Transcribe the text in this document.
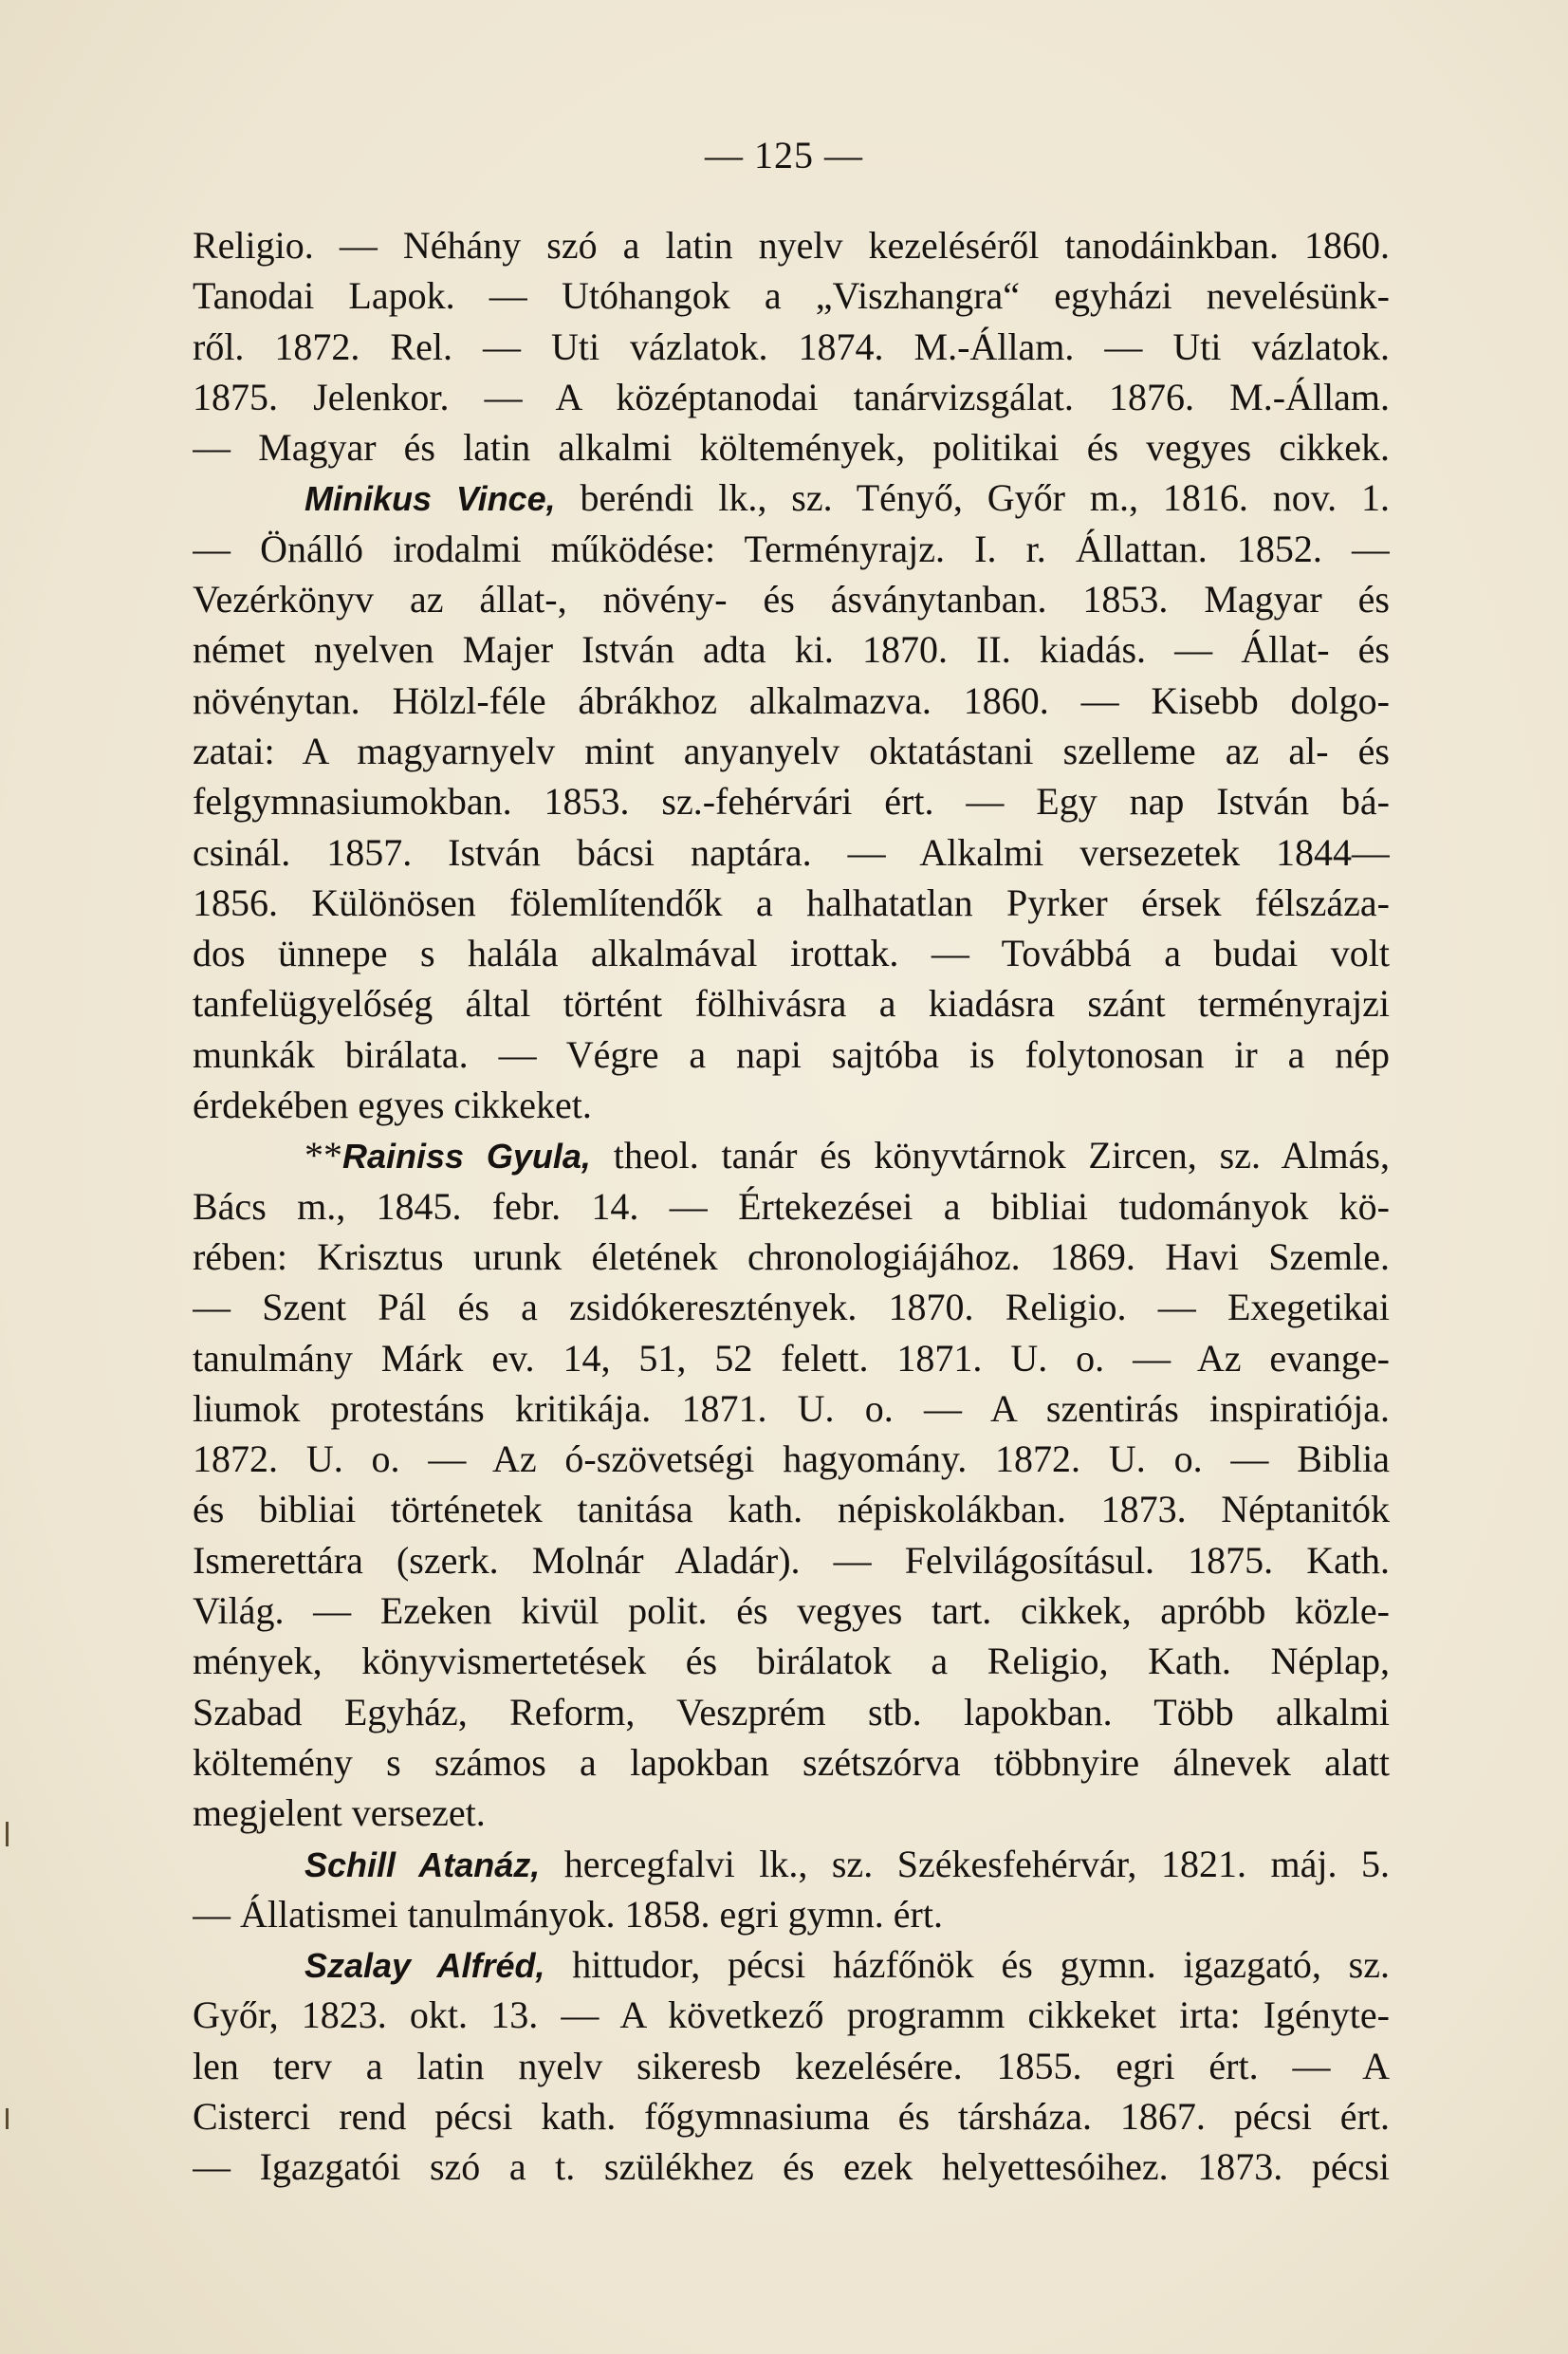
— 125 —
Religio. — Néhány szó a latin nyelv kezeléséről tanodáinkban. 1860.
Tanodai Lapok. — Utóhangok a „Viszhangra“ egyházi nevelésünk-
ről. 1872. Rel. — Uti vázlatok. 1874. M.-Állam. — Uti vázlatok.
1875. Jelenkor. — A középtanodai tanárvizsgálat. 1876. M.-Állam.
— Magyar és latin alkalmi költemények, politikai és vegyes cikkek.
Minikus Vince, beréndi lk., sz. Tényő, Győr m., 1816. nov. 1.
— Önálló irodalmi működése: Terményrajz. I. r. Állattan. 1852. —
Vezérkönyv az állat-, növény- és ásványtanban. 1853. Magyar és
német nyelven Majer István adta ki. 1870. II. kiadás. — Állat- és
növénytan. Hölzl-féle ábrákhoz alkalmazva. 1860. — Kisebb dolgo-
zatai: A magyarnyelv mint anyanyelv oktatástani szelleme az al- és
felgymnasiumokban. 1853. sz.-fehérvári ért. — Egy nap István bá-
csinál. 1857. István bácsi naptára. — Alkalmi versezetek 1844—
1856. Különösen fölemlítendők a halhatatlan Pyrker érsek félszáza-
dos ünnepe s halála alkalmával irottak. — Továbbá a budai volt
tanfelügyelőség által történt fölhivásra a kiadásra szánt terményrajzi
munkák birálata. — Végre a napi sajtóba is folytonosan ir a nép
érdekében egyes cikkeket.
**Rainiss Gyula, theol. tanár és könyvtárnok Zircen, sz. Almás,
Bács m., 1845. febr. 14. — Értekezései a bibliai tudományok kö-
rében: Krisztus urunk életének chronologiájához. 1869. Havi Szemle.
— Szent Pál és a zsidókeresztények. 1870. Religio. — Exegetikai
tanulmány Márk ev. 14, 51, 52 felett. 1871. U. o. — Az evange-
liumok protestáns kritikája. 1871. U. o. — A szentirás inspiratiója.
1872. U. o. — Az ó-szövetségi hagyomány. 1872. U. o. — Biblia
és bibliai történetek tanitása kath. népiskolákban. 1873. Néptanitók
Ismerettára (szerk. Molnár Aladár). — Felvilágosításul. 1875. Kath.
Világ. — Ezeken kivül polit. és vegyes tart. cikkek, apróbb közle-
mények, könyvismertetések és birálatok a Religio, Kath. Néplap,
Szabad Egyház, Reform, Veszprém stb. lapokban. Több alkalmi
költemény s számos a lapokban szétszórva többnyire álnevek alatt
megjelent versezet.
Schill Atanáz, hercegfalvi lk., sz. Székesfehérvár, 1821. máj. 5.
— Állatismei tanulmányok. 1858. egri gymn. ért.
Szalay Alfréd, hittudor, pécsi házfőnök és gymn. igazgató, sz.
Győr, 1823. okt. 13. — A következő programm cikkeket irta: Igényte-
len terv a latin nyelv sikeresb kezelésére. 1855. egri ért. — A
Cisterci rend pécsi kath. főgymnasiuma és társháza. 1867. pécsi ért.
— Igazgatói szó a t. szülékhez és ezek helyettesóihez. 1873. pécsi
